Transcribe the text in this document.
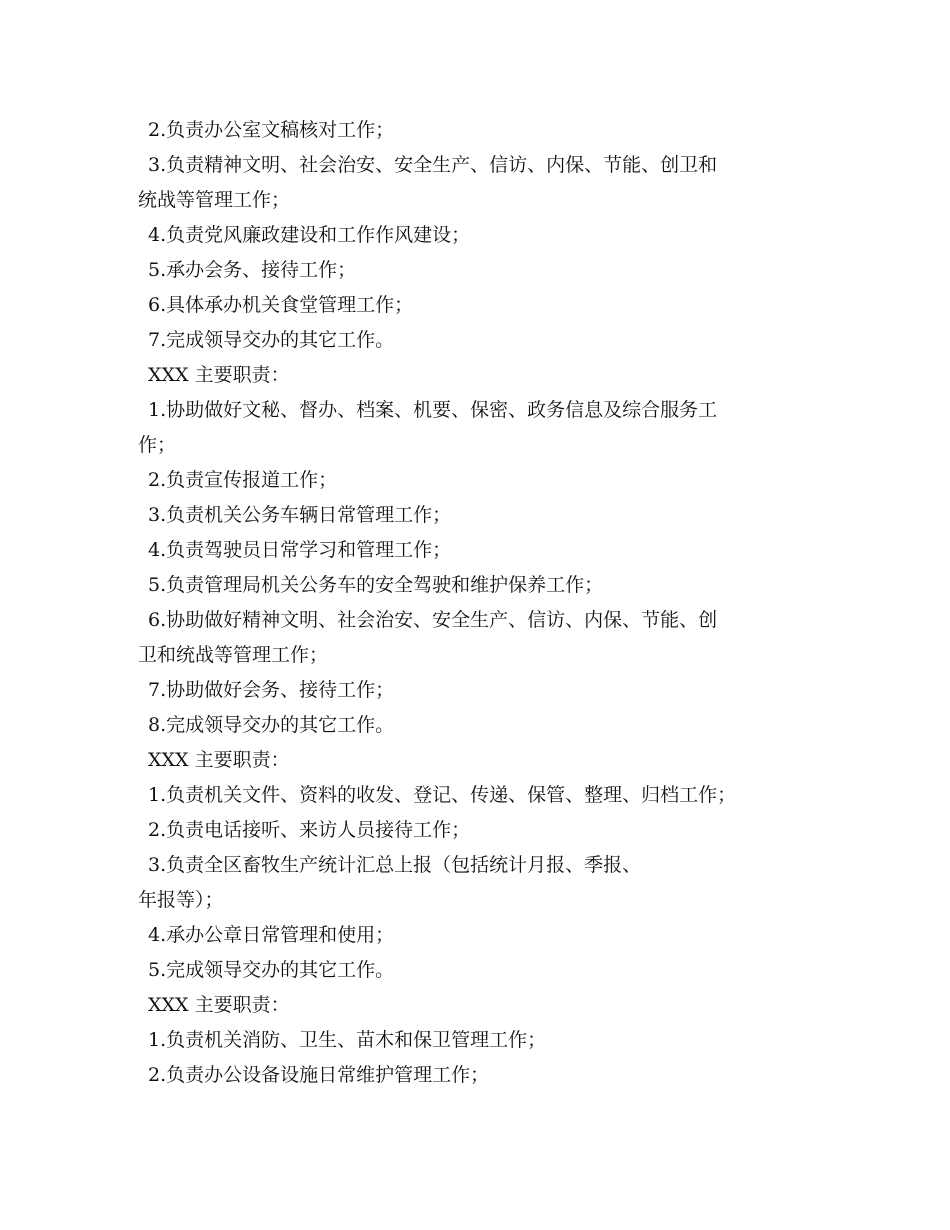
2.负责办公室文稿核对工作；

3.负责精神文明、社会治安、安全生产、信访、内保、节能、创卫和

统战等管理工作；

4.负责党风廉政建设和工作作风建设；

5.承办会务、接待工作；

6.具体承办机关食堂管理工作；

7.完成领导交办的其它工作。

XXX 主要职责：

1.协助做好文秘、督办、档案、机要、保密、政务信息及综合服务工

作；

2.负责宣传报道工作；

3.负责机关公务车辆日常管理工作；

4.负责驾驶员日常学习和管理工作；

5.负责管理局机关公务车的安全驾驶和维护保养工作；

6.协助做好精神文明、社会治安、安全生产、信访、内保、节能、创

卫和统战等管理工作；

7.协助做好会务、接待工作；

8.完成领导交办的其它工作。

XXX 主要职责：

1.负责机关文件、资料的收发、登记、传递、保管、整理、归档工作；

2.负责电话接听、来访人员接待工作；

3.负责全区畜牧生产统计汇总上报（包括统计月报、季报、

年报等）；

4.承办公章日常管理和使用；

5.完成领导交办的其它工作。

XXX 主要职责：

1.负责机关消防、卫生、苗木和保卫管理工作；

2.负责办公设备设施日常维护管理工作；
